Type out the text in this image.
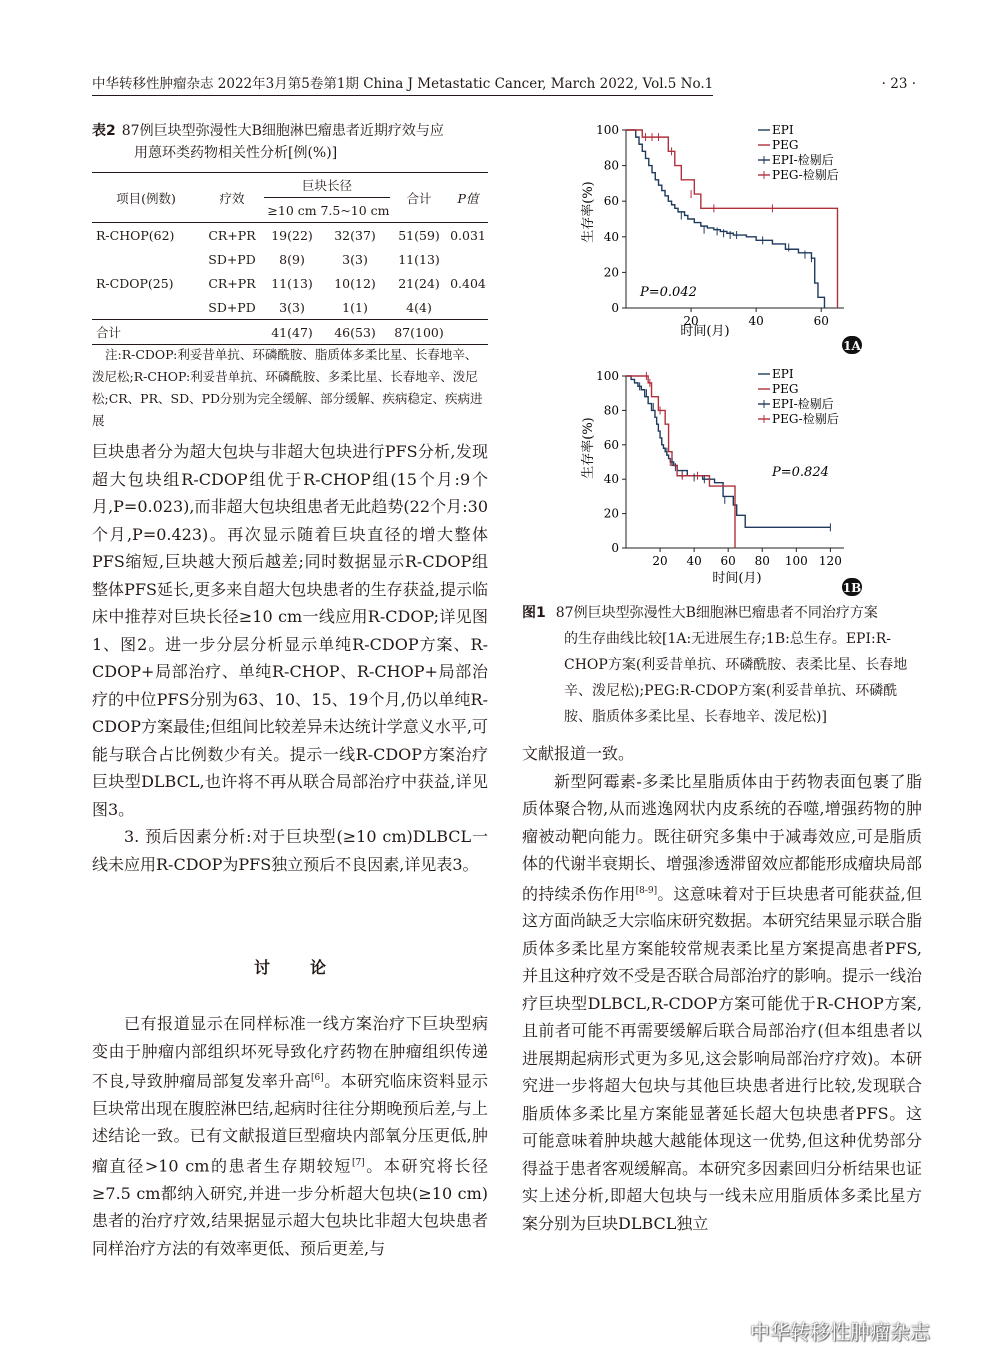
中华转移性肿瘤杂志 2022年3月第5卷第1期 China J Metastatic Cancer, March 2022, Vol.5 No.1	· 23 ·
表2 87例巨块型弥漫性大B细胞淋巴瘤患者近期疗效与应
用蒽环类药物相关性分析[例(%)]
项目(例数)	疗效	巨块长径		合计	P值
		≥10 cm	7.5~10 cm		
R-CHOP(62)	CR+PR	19(22)	32(37)	51(59)	0.031
	SD+PD	8(9)	3(3)	11(13)	
R-CDOP(25)	CR+PR	11(13)	10(12)	21(24)	0.404
	SD+PD	3(3)	1(1)	4(4)	
合计		41(47)	46(53)	87(100)	
注:R-CDOP:利妥昔单抗、环磷酰胺、脂质体多柔比星、长春地辛、泼尼松;R-CHOP:利妥昔单抗、环磷酰胺、多柔比星、长春地辛、泼尼松;CR、PR、SD、PD分别为完全缓解、部分缓解、疾病稳定、疾病进展

巨块患者分为超大包块与非超大包块进行PFS分析,发现超大包块组R-CDOP组优于R-CHOP组(15个月:9个月,P=0.023),而非超大包块组患者无此趋势(22个月:30个月,P=0.423)。再次显示随着巨块直径的增大整体PFS缩短,巨块越大预后越差;同时数据显示R-CDOP组整体PFS延长,更多来自超大包块患者的生存获益,提示临床中推荐对巨块长径≥10 cm一线应用R-CDOP;详见图1、图2。进一步分层分析显示单纯R-CDOP方案、R-CDOP+局部治疗、单纯R-CHOP、R-CHOP+局部治疗的中位PFS分别为63、10、15、19个月,仍以单纯R-CDOP方案最佳;但组间比较差异未达统计学意义水平,可能与联合占比例数少有关。提示一线R-CDOP方案治疗巨块型DLBCL,也许将不再从联合局部治疗中获益,详见图3。

3. 预后因素分析:对于巨块型(≥10 cm)DLBCL一线未应用R-CDOP为PFS独立预后不良因素,详见表3。

讨论

已有报道显示在同样标准一线方案治疗下巨块型病变由于肿瘤内部组织坏死导致化疗药物在肿瘤组织传递不良,导致肿瘤局部复发率升高[6]。本研究临床资料显示巨块常出现在腹腔淋巴结,起病时往往分期晚预后差,与上述结论一致。已有文献报道巨型瘤块内部氧分压更低,肿瘤直径>10 cm的患者生存期较短[7]。本研究将长径≥7.5 cm都纳入研究,并进一步分析超大包块(≥10 cm)患者的治疗疗效,结果据显示超大包块比非超大包块患者同样治疗方法的有效率更低、预后更差,与

生存率(%)
时间(月)
P=0.042
EPI
PEG
EPI-检剔后
PEG-检剔后
1A
生存率(%)
时间(月)
P=0.824
EPI
PEG
EPI-检剔后
PEG-检剔后
1B
0
20
40
60
80
100
20	40	60
0
20
40
60
80
100
20 40 60 80 100 120
图1 87例巨块型弥漫性大B细胞淋巴瘤患者不同治疗方案
的生存曲线比较[1A:无进展生存;1B:总生存。EPI:R-CHOP方案(利妥昔单抗、环磷酰胺、表柔比星、长春地辛、泼尼松);PEG:R-CDOP方案(利妥昔单抗、环磷酰胺、脂质体多柔比星、长春地辛、泼尼松)]

文献报道一致。

新型阿霉素-多柔比星脂质体由于药物表面包裹了脂质体聚合物,从而逃逸网状内皮系统的吞噬,增强药物的肿瘤被动靶向能力。既往研究多集中于减毒效应,可是脂质体的代谢半衰期长、增强渗透滞留效应都能形成瘤块局部的持续杀伤作用[8-9]。这意味着对于巨块患者可能获益,但这方面尚缺乏大宗临床研究数据。本研究结果显示联合脂质体多柔比星方案能较常规表柔比星方案提高患者PFS,并且这种疗效不受是否联合局部治疗的影响。提示一线治疗巨块型DLBCL,R-CDOP方案可能优于R-CHOP方案,且前者可能不再需要缓解后联合局部治疗(但本组患者以进展期起病形式更为多见,这会影响局部治疗疗效)。本研究进一步将超大包块与其他巨块患者进行比较,发现联合脂质体多柔比星方案能显著延长超大包块患者PFS。这可能意味着肿块越大越能体现这一优势,但这种优势部分得益于患者客观缓解高。本研究多因素回归分析结果也证实上述分析,即超大包块与一线未应用脂质体多柔比星方案分别为巨块DLBCL独立

中华转移性肿瘤杂志
